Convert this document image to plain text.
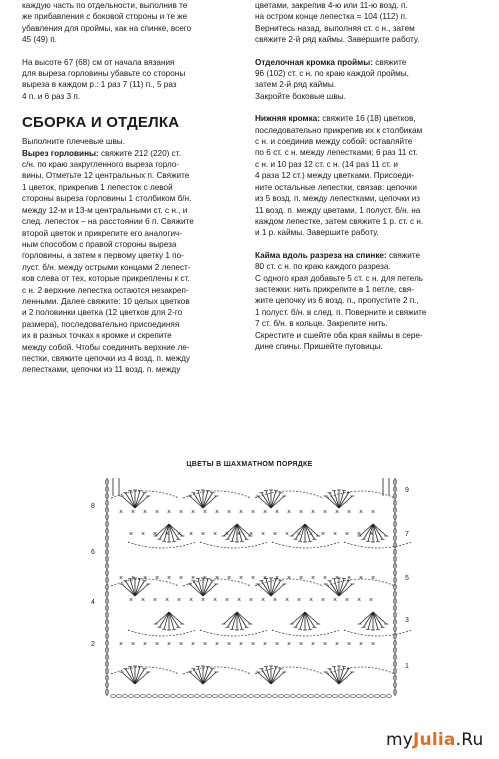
каждую часть по отдельности, выполнив те
же прибавления с боковой стороны и те же
убавления для проймы, как на спинке, всего
45 (49) п.
На высоте 67 (68) см от начала вязания
для выреза горловины убавьте со стороны
выреза в каждом р.: 1 раз 7 (11) п., 5 раз
4 п. и 6 раз 3 п.
СБОРКА И ОТДЕЛКА

Выполните плечевые швы.

Вырез горловины: свяжите 212 (220) ст.
с/н. по краю закругленного выреза горло-
вины. Отметьте 12 центральных п. Свяжите
1 цветок, прикрепив 1 лепесток с левой
стороны выреза горловины 1 столбиком б/н.
между 12-м и 13-м центральными ст. с н., и
след. лепесток – на расстоянии 6 п. Свяжите
второй цветок и прикрепите его аналогич-
ным способом с правой стороны выреза
горловины, а затем к первому цветку 1 по-
луст. б/н. между острыми концами 2 лепест-
ков слева от тех, которые прикреплены к ст.
с н. 2 верхние лепестка остаются незакреп-
ленными. Далее свяжите: 10 целых цветков
и 2 половинки цветка (12 цветков для 2-го
размера), последовательно присоединяя
их в разных точках к кромке и скрепите
между собой. Чтобы соединить верхние ле-
пестки, свяжите цепочки из 4 возд. п. между
лепестками, цепочки из 11 возд. п. между
цветами, закрепив 4-ю или 11-ю возд. п.
на остром конце лепестка = 104 (112) п.
Вернитесь назад, выполняя ст. с н., затем
свяжите 2-й ряд каймы. Завершите работу.
Отделочная кромка проймы: свяжите
96 (102) ст. с н. по краю каждой проймы,
затем 2-й ряд каймы.
Закройте боковые швы.
Нижняя кромка: свяжите 16 (18) цветков,
последовательно прикрепив их к столбикам
с н. и соединив между собой: оставляйте
по 6 ст. с н. между лепестками; 6 раз 11 ст.
с н. и 10 раз 12 ст. с н. (14 раз 11 ст. и
4 раза 12 ст.) между цветками. Присоеди-
ните остальные лепестки, связав: цепочки
из 5 возд. п. между лепестками, цепочки из
11 возд. п. между цветами, 1 полуст. б/н. на
каждом лепестке, затем свяжите 1 р. ст. с н.
и 1 р. каймы. Завершите работу.
Кайма вдоль разреза на спинке: свяжите
80 ст. с н. по краю каждого разреза.
С одного края добавьте 5 ст. с н. для петель
застежки: нить прикрепите в 1 петле, свя-
жите цепочку из 6 возд. п., пропустите 2 п.,
1 полуст. б/н. в след. п. Поверните и свяжите
7 ст. б/н. в кольце. Закрепите нить.
Скрестите и сшейте оба края каймы в сере-
дине спины. Пришейте пуговицы.
ЦВЕТЫ В ШАХМАТНОМ ПОРЯДКЕ
× × × × × × × × × × × × × × × × × × × × × ×
× × × × × × × × × × × × × × × × × × × × ×
× × × × × × × × × × × × × × × × × × × × × ×
× × × × × × × × × × × × × × × × × × × × ×
× × × × × × × × × × × × × × × × × × × × × ×
8
6
4
2
9
7
5
3
1
myJulia.Ru
